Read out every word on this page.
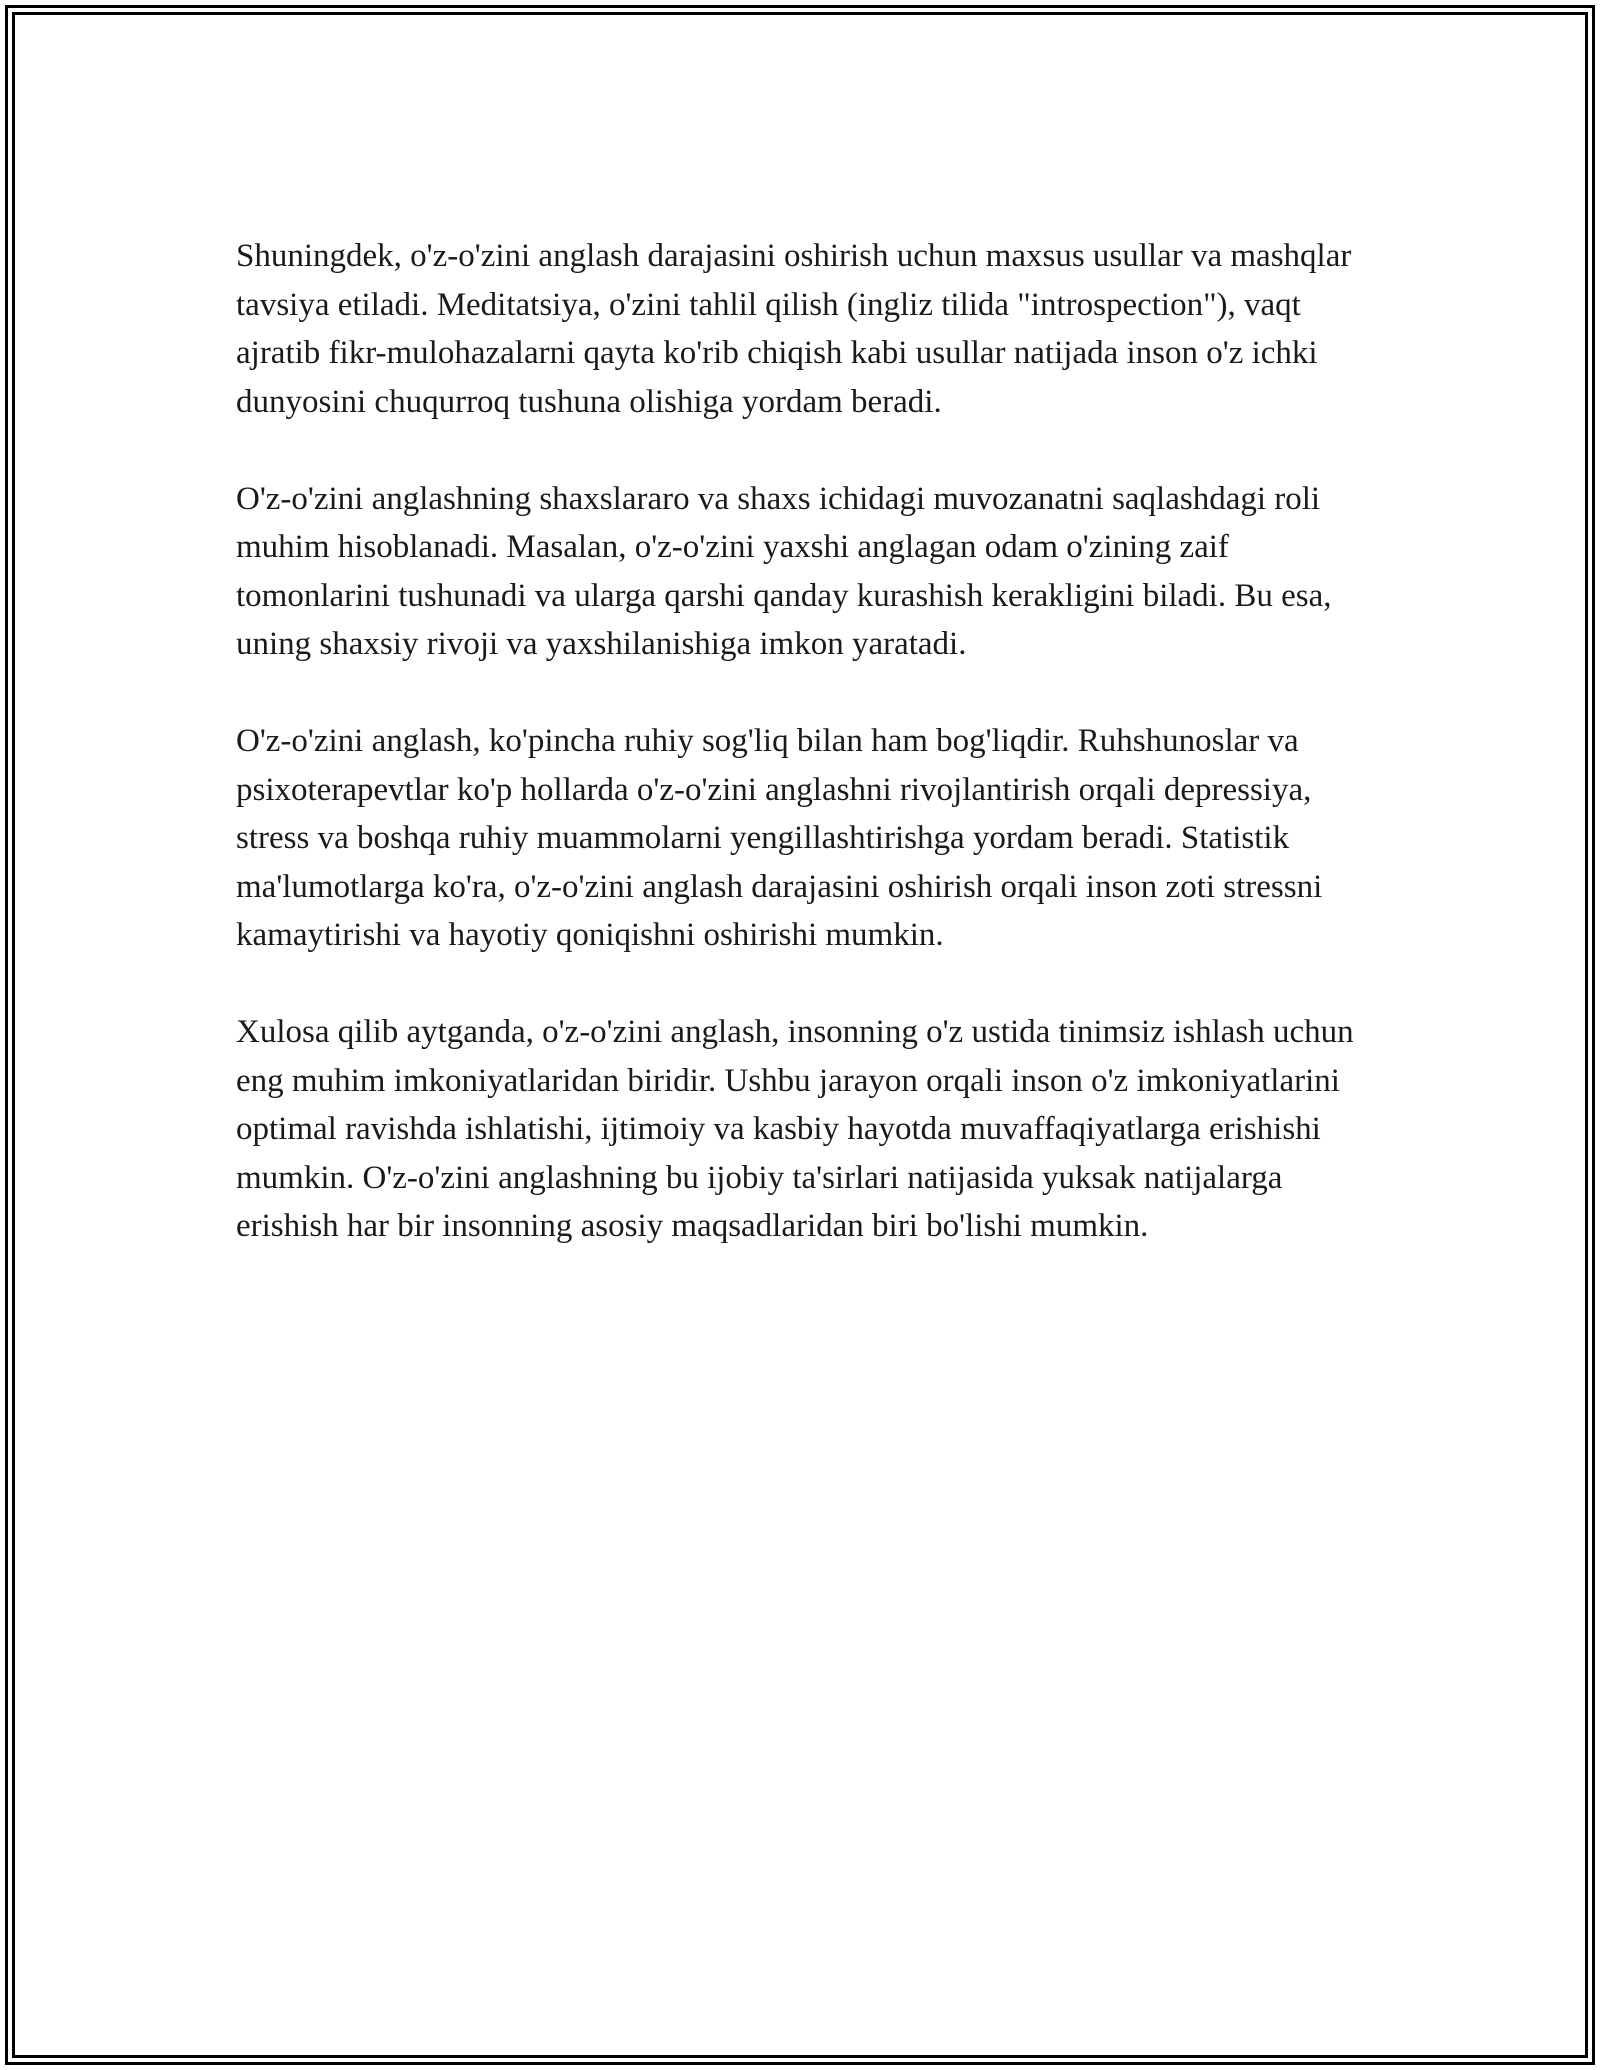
Shuningdek, o'z-o'zini anglash darajasini oshirish uchun maxsus usullar va mashqlar tavsiya etiladi. Meditatsiya, o'zini tahlil qilish (ingliz tilida "introspection"), vaqt ajratib fikr-mulohazalarni qayta ko'rib chiqish kabi usullar natijada inson o'z ichki dunyosini chuqurroq tushuna olishiga yordam beradi.

O'z-o'zini anglashning shaxslararo va shaxs ichidagi muvozanatni saqlashdagi roli muhim hisoblanadi. Masalan, o'z-o'zini yaxshi anglagan odam o'zining zaif tomonlarini tushunadi va ularga qarshi qanday kurashish kerakligini biladi. Bu esa, uning shaxsiy rivoji va yaxshilanishiga imkon yaratadi.

O'z-o'zini anglash, ko'pincha ruhiy sog'liq bilan ham bog'liqdir. Ruhshunoslar va psixoterapevtlar ko'p hollarda o'z-o'zini anglashni rivojlantirish orqali depressiya, stress va boshqa ruhiy muammolarni yengillashtirishga yordam beradi. Statistik ma'lumotlarga ko'ra, o'z-o'zini anglash darajasini oshirish orqali inson zoti stressni kamaytirishi va hayotiy qoniqishni oshirishi mumkin.

Xulosa qilib aytganda, o'z-o'zini anglash, insonning o'z ustida tinimsiz ishlash uchun eng muhim imkoniyatlaridan biridir. Ushbu jarayon orqali inson o'z imkoniyatlarini optimal ravishda ishlatishi, ijtimoiy va kasbiy hayotda muvaffaqiyatlarga erishishi mumkin. O'z-o'zini anglashning bu ijobiy ta'sirlari natijasida yuksak natijalarga erishish har bir insonning asosiy maqsadlaridan biri bo'lishi mumkin.
